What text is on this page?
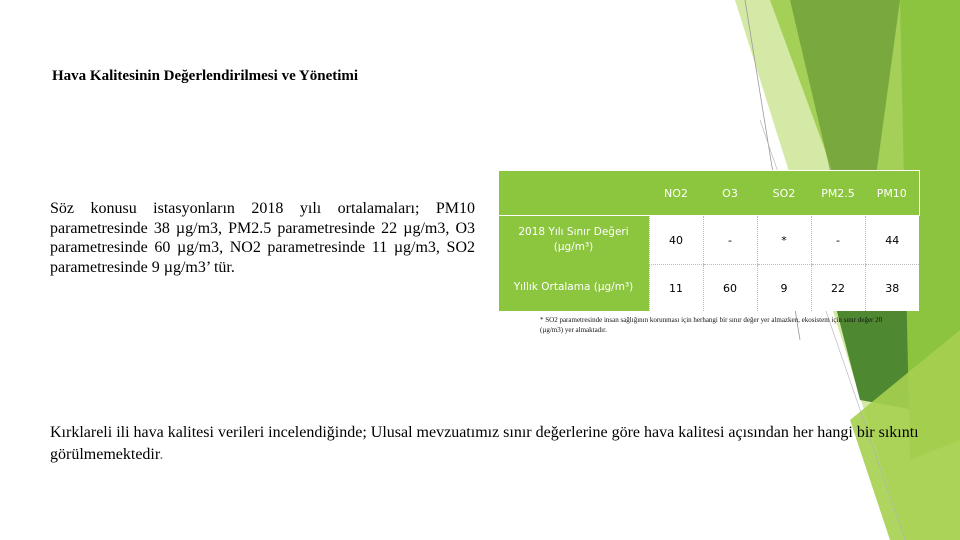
Hava Kalitesinin Değerlendirilmesi ve Yönetimi
Söz konusu istasyonların 2018 yılı ortalamaları; PM10 parametresinde 38 µg/m3, PM2.5 parametresinde 22 µg/m3, O3 parametresinde 60 µg/m3, NO2 parametresinde 11 µg/m3, SO2 parametresinde 9 µg/m3’ tür.
	NO2	O3	SO2	PM2.5	PM10
2018 Yılı Sınır Değeri (µg/m³)	40	-	*	-	44
Yıllık Ortalama (µg/m³)	11	60	9	22	38
* SO2 parametresinde insan sağlığının korunması için herhangi bir sınır değer yer almazken, ekosistem için sınır değer 20 (µg/m3) yer almaktadır.
Kırklareli ili hava kalitesi verileri incelendiğinde; Ulusal mevzuatımız sınır değerlerine göre hava kalitesi açısından her hangi bir sıkıntı görülmemektedir.
